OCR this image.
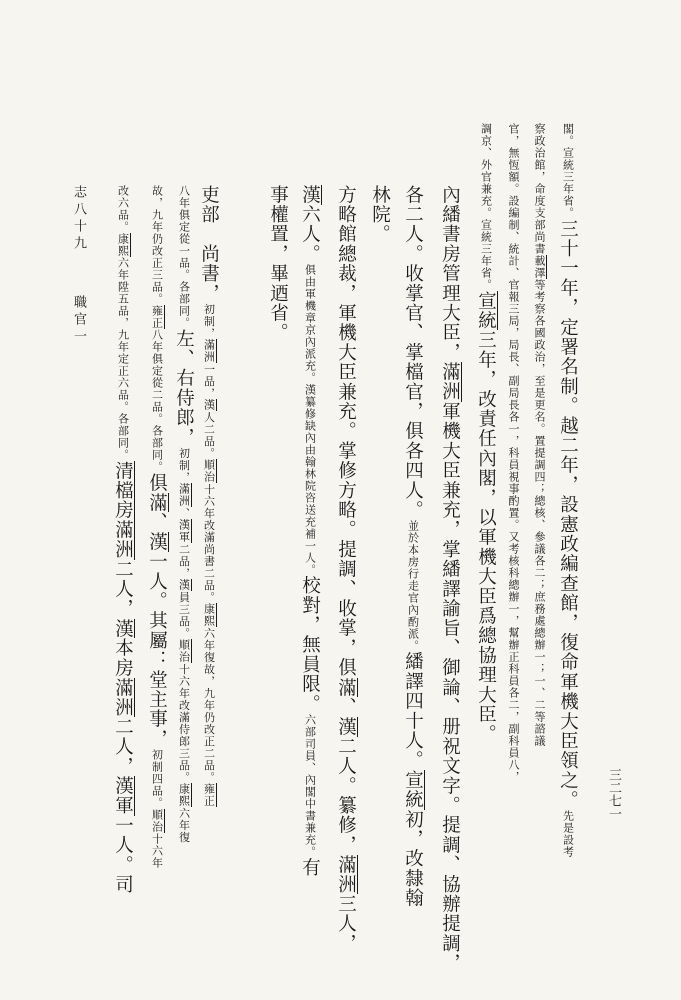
閣。宣統三年省。三十一年，定署名制。越二年，設憲政編查館，復命軍機大臣領之。先是設考
察政治館，命度支部尚書載澤等考察各國政治，至是更名。置提調四；總核、參議各二；庶務處總辦一；一、二等諮議
官，無恆額。設編制、統計、官報三局，局長、副局長各一，科員視事酌置。又考核科總辦一，幫辦正科員各二，副科員八，
調京、外官兼充。宣統三年省。宣統三年，改責任內閣，以軍機大臣爲總協理大臣。
內繙書房管理大臣，滿洲軍機大臣兼充，掌繙譯諭旨、御論、册祝文字。提調、協辦提調，
各二人。收掌官、掌檔官，俱各四人。並於本房行走官內酌派。繙譯四十人。宣統初，改隸翰
林院。
方略館總裁，軍機大臣兼充。掌修方略。提調、收掌，俱滿、漢二人。纂修，滿洲三人，
漢六人。俱由軍機章京內派充。漢纂修缺內由翰林院咨送充補一人。校對，無員限。六部司員、內閣中書兼充。有
事權置，畢迺省。
吏部　尚書，初制，滿洲一品，漢人二品。順治十六年改滿尚書二品。康熙六年復故，九年仍改正二品。雍正
八年俱定從一品。各部同。左、右侍郎，初制，滿洲、漢軍二品，漢員三品。順治十六年改滿侍郎三品。康熙六年復
故，九年仍改正三品。雍正八年俱定從二品。各部同。俱滿、漢一人。其屬：堂主事，初制四品。順治十六年
改六品。康熙六年陞五品，九年定正六品。各部同。清檔房滿洲二人，漢本房滿洲二人，漢軍一人。司
志八十九
職官一
三二七一
